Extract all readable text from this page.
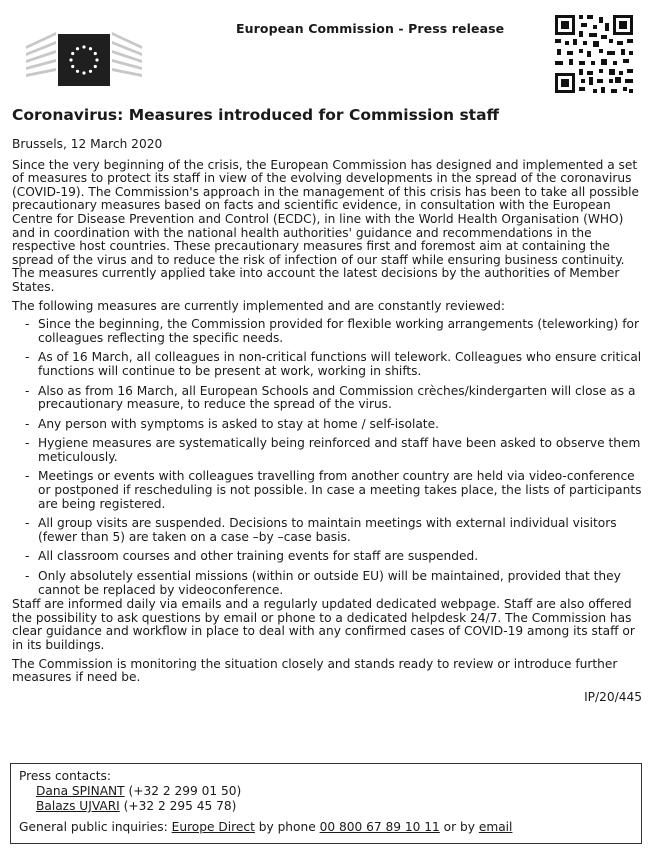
European Commission - Press release
Coronavirus: Measures introduced for Commission staff

Brussels, 12 March 2020

Since the very beginning of the crisis, the European Commission has designed and implemented a set of measures to protect its staff in view of the evolving developments in the spread of the coronavirus (COVID-19). The Commission's approach in the management of this crisis has been to take all possible precautionary measures based on facts and scientific evidence, in consultation with the European Centre for Disease Prevention and Control (ECDC), in line with the World Health Organisation (WHO) and in coordination with the national health authorities' guidance and recommendations in the respective host countries. These precautionary measures first and foremost aim at containing the spread of the virus and to reduce the risk of infection of our staff while ensuring business continuity. The measures currently applied take into account the latest decisions by the authorities of Member States.

The following measures are currently implemented and are constantly reviewed:

- Since the beginning, the Commission provided for flexible working arrangements (teleworking) for colleagues reflecting the specific needs.
- As of 16 March, all colleagues in non-critical functions will telework. Colleagues who ensure critical functions will continue to be present at work, working in shifts.
- Also as from 16 March, all European Schools and Commission crèches/kindergarten will close as a precautionary measure, to reduce the spread of the virus.
- Any person with symptoms is asked to stay at home / self-isolate.
- Hygiene measures are systematically being reinforced and staff have been asked to observe them meticulously.
- Meetings or events with colleagues travelling from another country are held via video-conference or postponed if rescheduling is not possible. In case a meeting takes place, the lists of participants are being registered.
- All group visits are suspended. Decisions to maintain meetings with external individual visitors (fewer than 5) are taken on a case –by –case basis.
- All classroom courses and other training events for staff are suspended.
- Only absolutely essential missions (within or outside EU) will be maintained, provided that they cannot be replaced by videoconference.

Staff are informed daily via emails and a regularly updated dedicated webpage. Staff are also offered the possibility to ask questions by email or phone to a dedicated helpdesk 24/7. The Commission has clear guidance and workflow in place to deal with any confirmed cases of COVID-19 among its staff or in its buildings.

The Commission is monitoring the situation closely and stands ready to review or introduce further measures if need be.

IP/20/445
Press contacts:
Dana SPINANT (+32 2 299 01 50)
Balazs UJVARI (+32 2 295 45 78)
General public inquiries: Europe Direct by phone 00 800 67 89 10 11 or by email
